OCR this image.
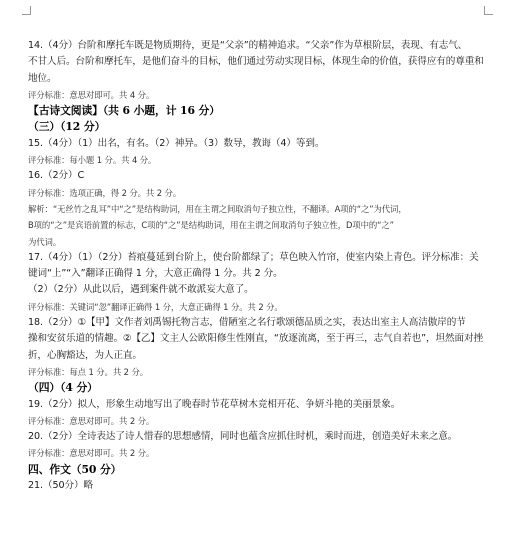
14.（4分）台阶和摩托车既是物质期待，更是“父亲”的精神追求。“父亲”作为草根阶层，表现、有志气、
不甘人后。台阶和摩托车，是他们奋斗的目标，他们通过劳动实现目标，体现生命的价值，获得应有的尊重和
地位。
评分标准：意思对即可。共 4 分。
【古诗文阅读】（共 6 小题，计 16 分）
（三）（12 分）
15.（4分）（1）出名，有名。（2）神异。（3）数导，教诲（4）等到。
评分标准：每小题 1 分。共 4 分。
16.（2分）C
评分标准：选项正确，得 2 分。共 2 分。
解析：“无丝竹之乱耳”中“之”是结构助词，用在主谓之间取消句子独立性，不翻译。A项的“之”为代词，
B项的“之”是宾语前置的标志，C项的“之”是结构助词，用在主谓之间取消句子独立性，D项中的“之”
为代词。
17.（4分）（1）（2分）苔痕蔓延到台阶上，使台阶都绿了；草色映入竹帘，使室内染上青色。评分标准：关
键词“上”“入”翻译正确得 1 分，大意正确得 1 分。共 2 分。
（2）（2分）从此以后，遇到案件就不敢派妄大意了。
评分标准：关键词“忽”翻译正确得 1 分，大意正确得 1 分。共 2 分。
18.（2分）①【甲】文作者刘禹锡托物言志，借陋室之名行歌颂德品质之实，表达出室主人高洁傲岸的节
操和安贫乐道的情趣。②【乙】文主人公欧阳修生性刚直，“放逐流离，至于再三，志气自若也”，坦然面对挫
折，心胸豁达，为人正直。
评分标准：每点 1 分。共 2 分。
（四）（4 分）
19.（2分）拟人，形象生动地写出了晚春时节花草树木竞相开花、争妍斗艳的美丽景象。
评分标准：意思对即可。共 2 分。
20.（2分）全诗表达了诗人惜春的思想感情，同时也蕴含应抓住时机，乘时而进，创造美好未来之意。
评分标准：意思对即可。共 2 分。
四、作文（50 分）
21.（50分）略
